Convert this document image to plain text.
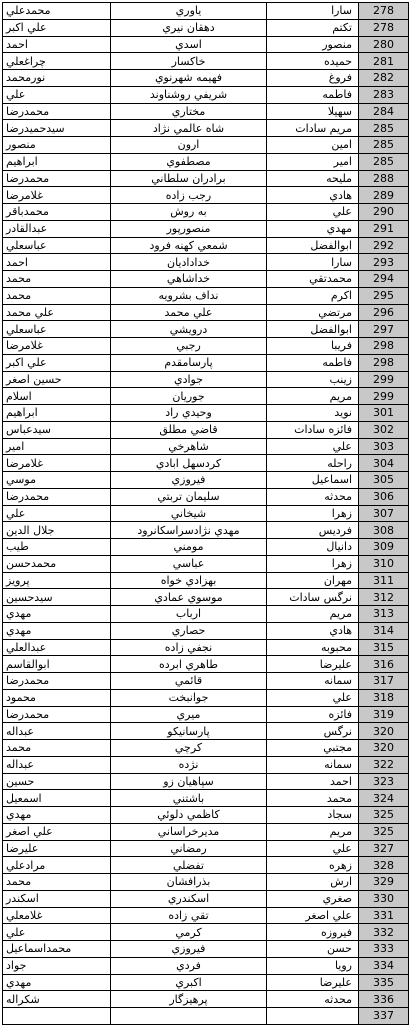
محمدعلي	یاوري	سارا	278
علي اكبر	دهقان نيري	تكتم	278
احمد	اسدي	منصور	280
چراغعلي	خاكسار	حميده	281
نورمحمد	فهيمه شهرنوي	فروغ	282
علي	شريفي روشناوند	فاطمه	283
محمدرضا	مختاري	سهيلا	284
سيدحميدرضا	شاه عالمي نژاد	مريم سادات	285
منصور	ارون	امين	285
ابراهيم	مصطفوي	امير	285
محمدرضا	برادران سلطاني	مليحه	288
غلامرضا	رجب زاده	هادي	289
محمدباقر	به روش	علي	290
عبدالقادر	منصورپور	مهدي	291
عباسعلي	شمعي كهنه فرود	ابوالفضل	292
احمد	خدادادیان	سارا	293
محمد	خداشاهي	محمدتقي	294
محمد	نداف بشرويه	اكرم	295
علي محمد	علي محمد	مرتضي	296
عباسعلي	درويشي	ابوالفضل	297
غلامرضا	رجبي	فريبا	298
علي اكبر	پارسامقدم	فاطمه	298
حسين اصغر	جوادي	زينب	299
اسلام	جوريان	مريم	299
ابراهيم	وحيدي راد	نويد	301
سيدعباس	قاضي مطلق	فائزه سادات	302
امير	شاهرخي	علي	303
غلامرضا	كردسهل ابادي	راحله	304
موسي	فيروزي	اسماعيل	305
محمدرضا	سليمان تربتي	محدثه	306
علي	شيخاني	زهرا	307
جلال الدين	مهدي نژادسراسكانرود	فرديس	308
طيب	مومني	دانيال	309
محمدحسن	عباسي	زهرا	310
پرويز	بهزادي خواه	مهران	311
سيدحسين	موسوي عمادي	نرگس سادات	312
مهدي	ارباب	مريم	313
مهدي	حصاري	هادي	314
عبدالعلي	نجفي زاده	محبوبه	315
ابوالقاسم	طاهري ابرده	عليرضا	316
محمدرضا	قائمي	سمانه	317
محمود	جوانبخت	علي	318
محمدرضا	ميري	فائزه	319
عبداله	پارسانيكو	نرگس	320
محمد	كرچي	مجتبي	320
عبداله	نژده	سمانه	322
حسين	سپاهيان زو	احمد	323
اسمعيل	باشتني	محمد	324
مهدي	كاظمي دلوئي	سجاد	325
علي اصغر	مديرخراساني	مريم	325
عليرضا	رمضاني	علي	327
مرادعلي	تفضلي	زهره	328
محمد	بذرافشان	ارش	329
اسكندر	اسكندري	صغري	330
غلامعلي	تقي زاده	علي اصغر	331
علي	كرمي	فيروزه	332
محمداسماعيل	فيروزي	حسن	333
جواد	فردي	رويا	334
مهدي	اكبري	عليرضا	335
شكراله	پرهيزگار	محدثه	336
			337
